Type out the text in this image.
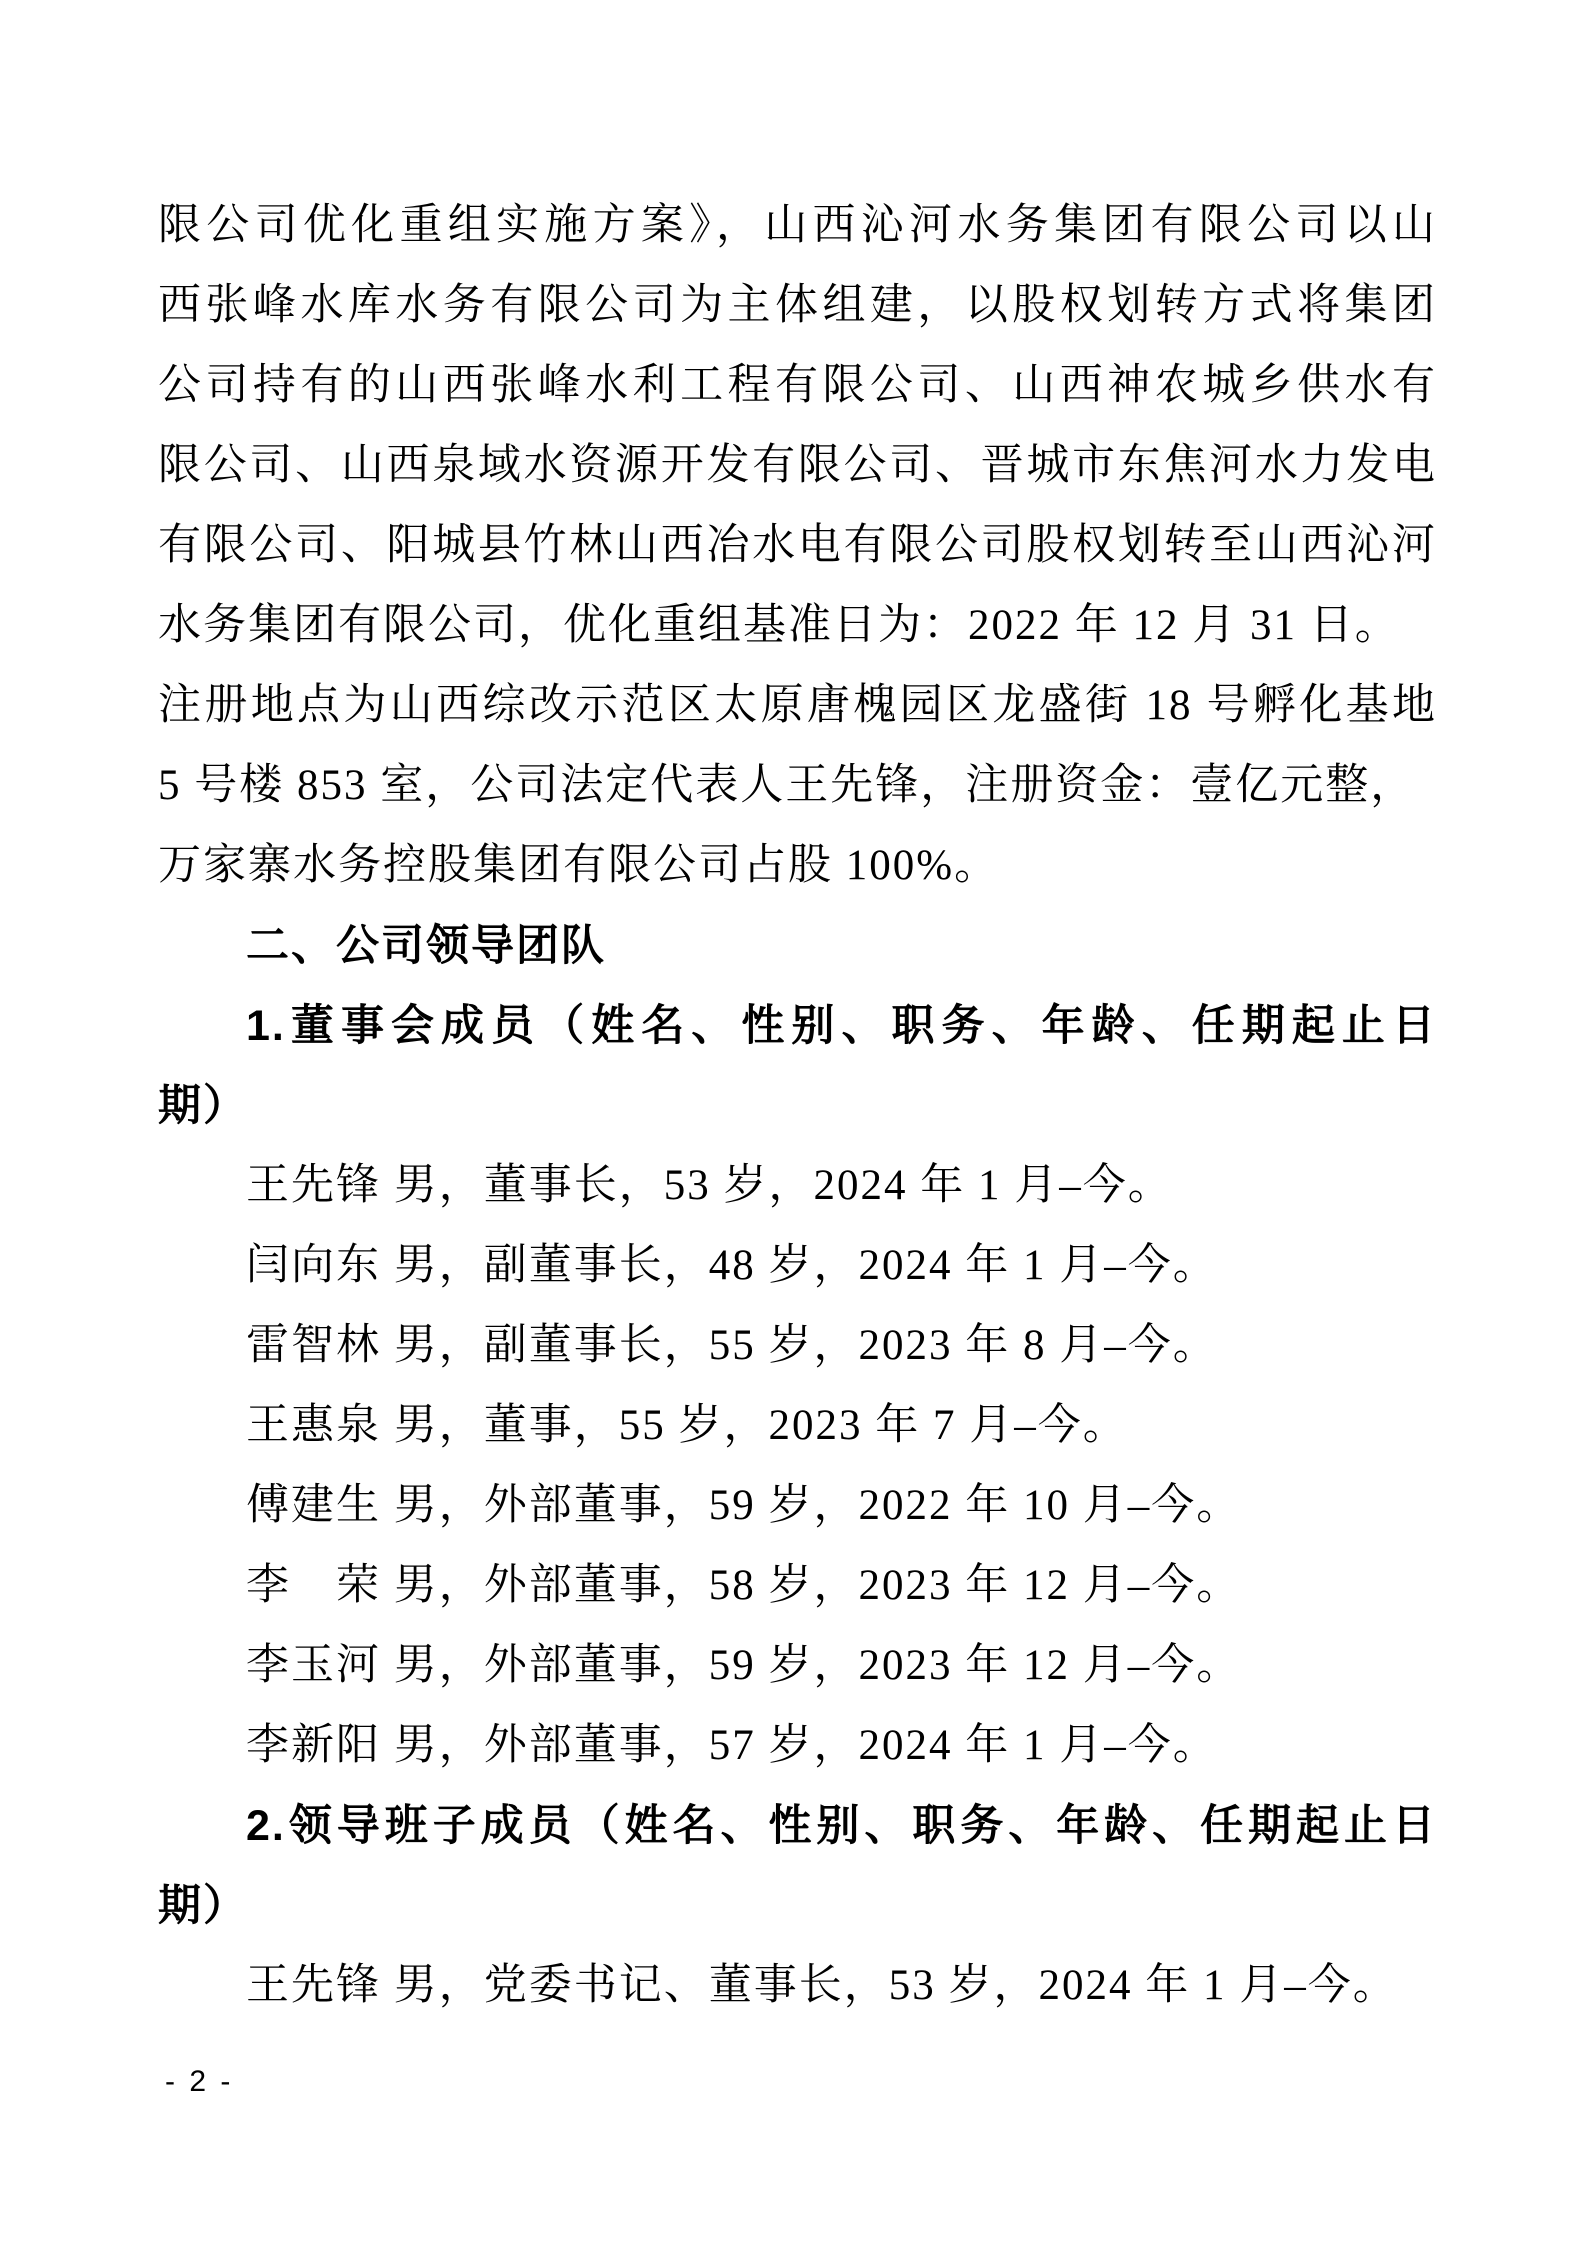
限公司优化重组实施方案》，山西沁河水务集团有限公司以山
西张峰水库水务有限公司为主体组建，以股权划转方式将集团
公司持有的山西张峰水利工程有限公司、山西神农城乡供水有
限公司、山西泉域水资源开发有限公司、晋城市东焦河水力发电
有限公司、阳城县竹林山西冶水电有限公司股权划转至山西沁河
水务集团有限公司，优化重组基准日为：2022 年 12 月 31 日。
注册地点为山西综改示范区太原唐槐园区龙盛街 18 号孵化基地
5 号楼 853 室，公司法定代表人王先锋，注册资金：壹亿元整，
万家寨水务控股集团有限公司占股 100%。
二、公司领导团队
1.董事会成员（姓名、性别、职务、年龄、任期起止日
期）
王先锋 男，董事长，53 岁，2024 年 1 月–今。
闫向东 男，副董事长，48 岁，2024 年 1 月–今。
雷智林 男，副董事长，55 岁，2023 年 8 月–今。
王惠泉 男，董事，55 岁，2023 年 7 月–今。
傅建生 男，外部董事，59 岁，2022 年 10 月–今。
李　荣 男，外部董事，58 岁，2023 年 12 月–今。
李玉河 男，外部董事，59 岁，2023 年 12 月–今。
李新阳 男，外部董事，57 岁，2024 年 1 月–今。
2.领导班子成员（姓名、性别、职务、年龄、任期起止日
期）
王先锋 男，党委书记、董事长，53 岁，2024 年 1 月–今。
- 2 -
